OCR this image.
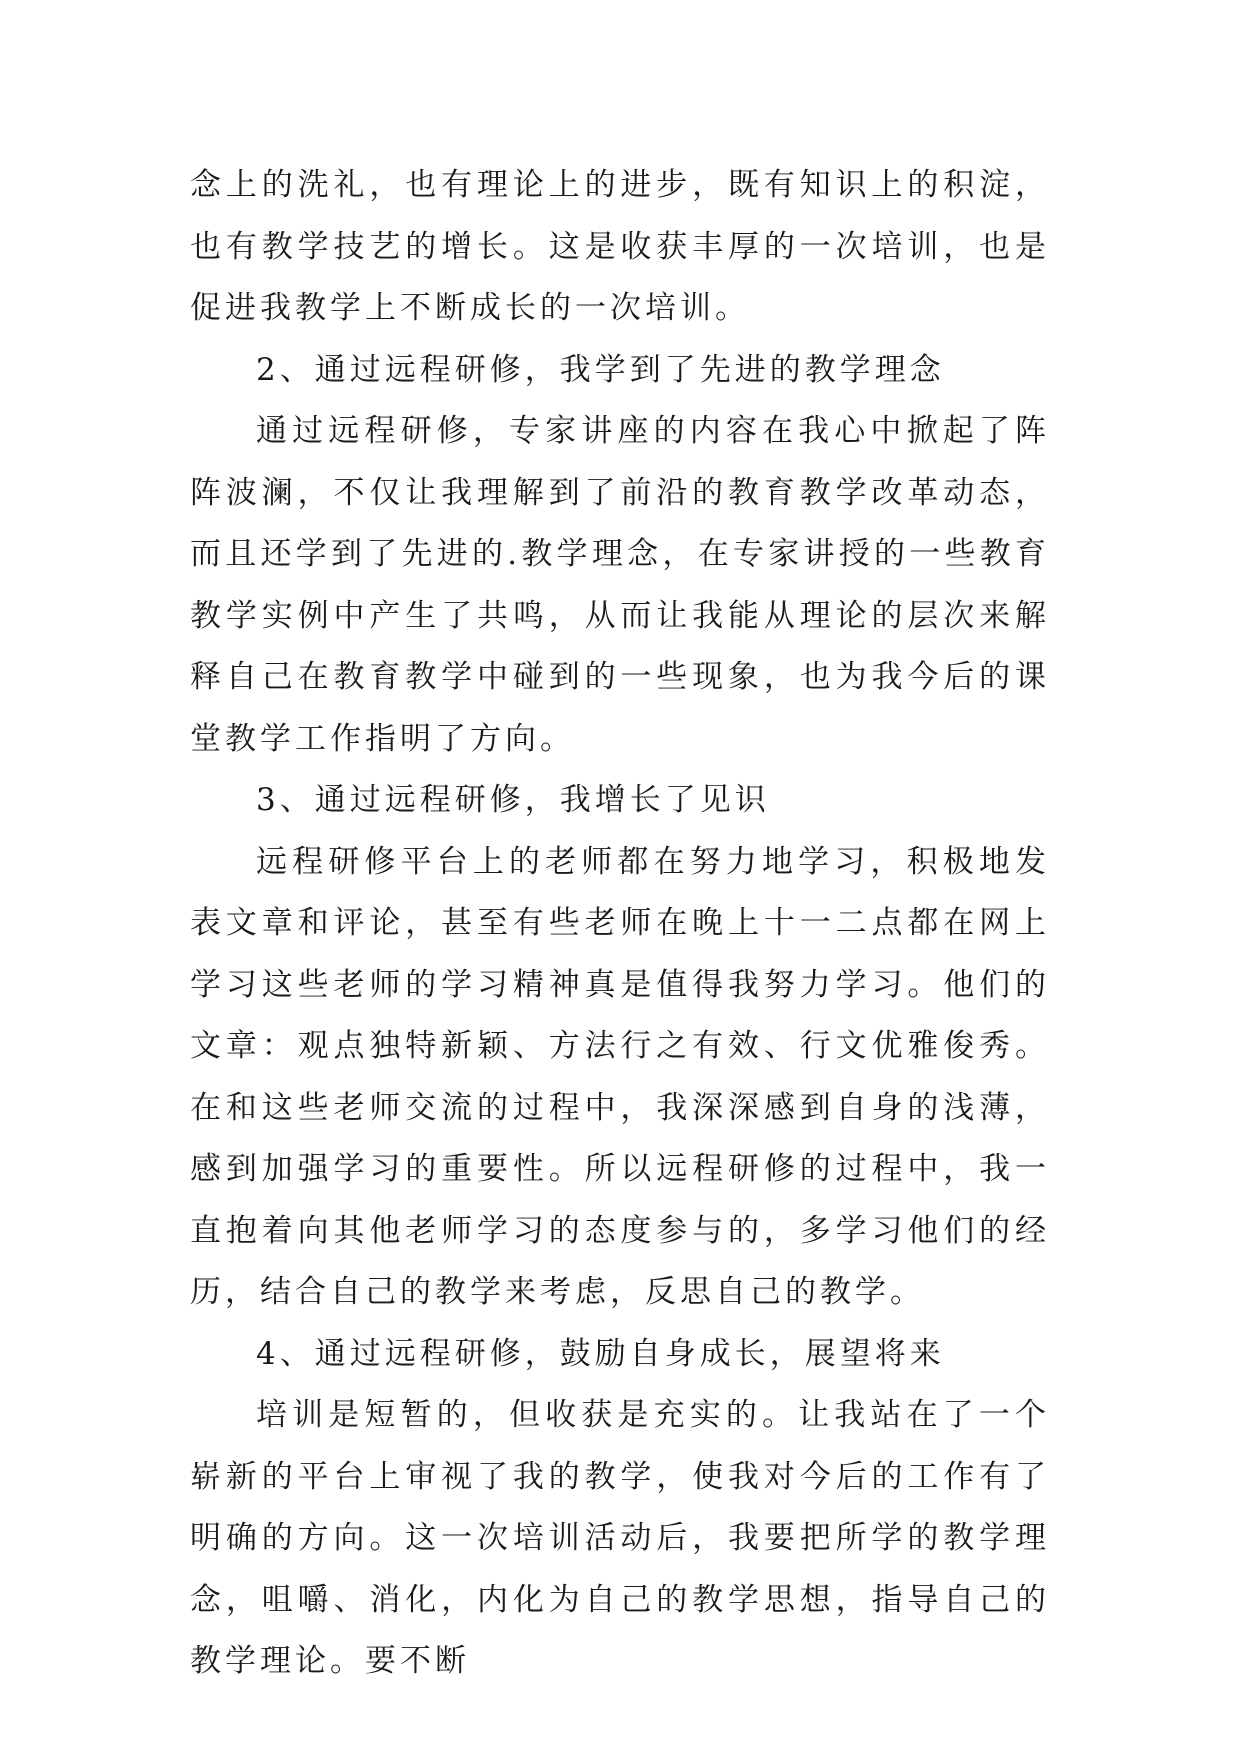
念上的洗礼，也有理论上的进步，既有知识上的积淀，也有教学技艺的增长。这是收获丰厚的一次培训，也是促进我教学上不断成长的一次培训。

2、通过远程研修，我学到了先进的教学理念

通过远程研修，专家讲座的内容在我心中掀起了阵阵波澜，不仅让我理解到了前沿的教育教学改革动态，而且还学到了先进的.教学理念，在专家讲授的一些教育教学实例中产生了共鸣，从而让我能从理论的层次来解释自己在教育教学中碰到的一些现象，也为我今后的课堂教学工作指明了方向。

3、通过远程研修，我增长了见识

远程研修平台上的老师都在努力地学习，积极地发表文章和评论，甚至有些老师在晚上十一二点都在网上学习这些老师的学习精神真是值得我努力学习。他们的文章：观点独特新颖、方法行之有效、行文优雅俊秀。在和这些老师交流的过程中，我深深感到自身的浅薄，感到加强学习的重要性。所以远程研修的过程中，我一直抱着向其他老师学习的态度参与的，多学习他们的经历，结合自己的教学来考虑，反思自己的教学。

4、通过远程研修，鼓励自身成长，展望将来

培训是短暂的，但收获是充实的。让我站在了一个崭新的平台上审视了我的教学，使我对今后的工作有了明确的方向。这一次培训活动后，我要把所学的教学理念，咀嚼、消化，内化为自己的教学思想，指导自己的教学理论。要不断
